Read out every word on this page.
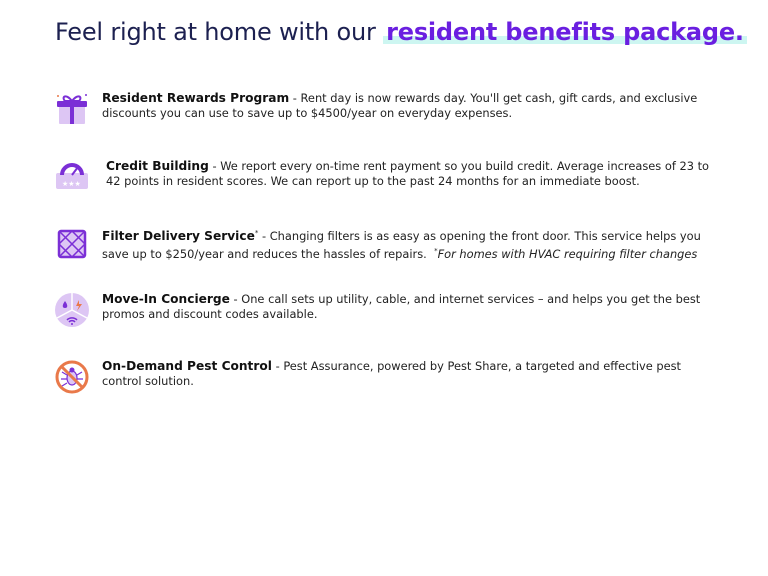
Feel right at home with our resident benefits package.
Resident Rewards Program - Rent day is now rewards day. You'll get cash, gift cards, and exclusive discounts you can use to save up to $4500/year on everyday expenses.
★★★
Credit Building - We report every on-time rent payment so you build credit. Average increases of 23 to 42 points in resident scores. We can report up to the past 24 months for an immediate boost.
Filter Delivery Service* - Changing filters is as easy as opening the front door. This service helps you save up to $250/year and reduces the hassles of repairs. *For homes with HVAC requiring filter changes
Move-In Concierge - One call sets up utility, cable, and internet services – and helps you get the best promos and discount codes available.
On-Demand Pest Control - Pest Assurance, powered by Pest Share, a targeted and effective pest control solution.
